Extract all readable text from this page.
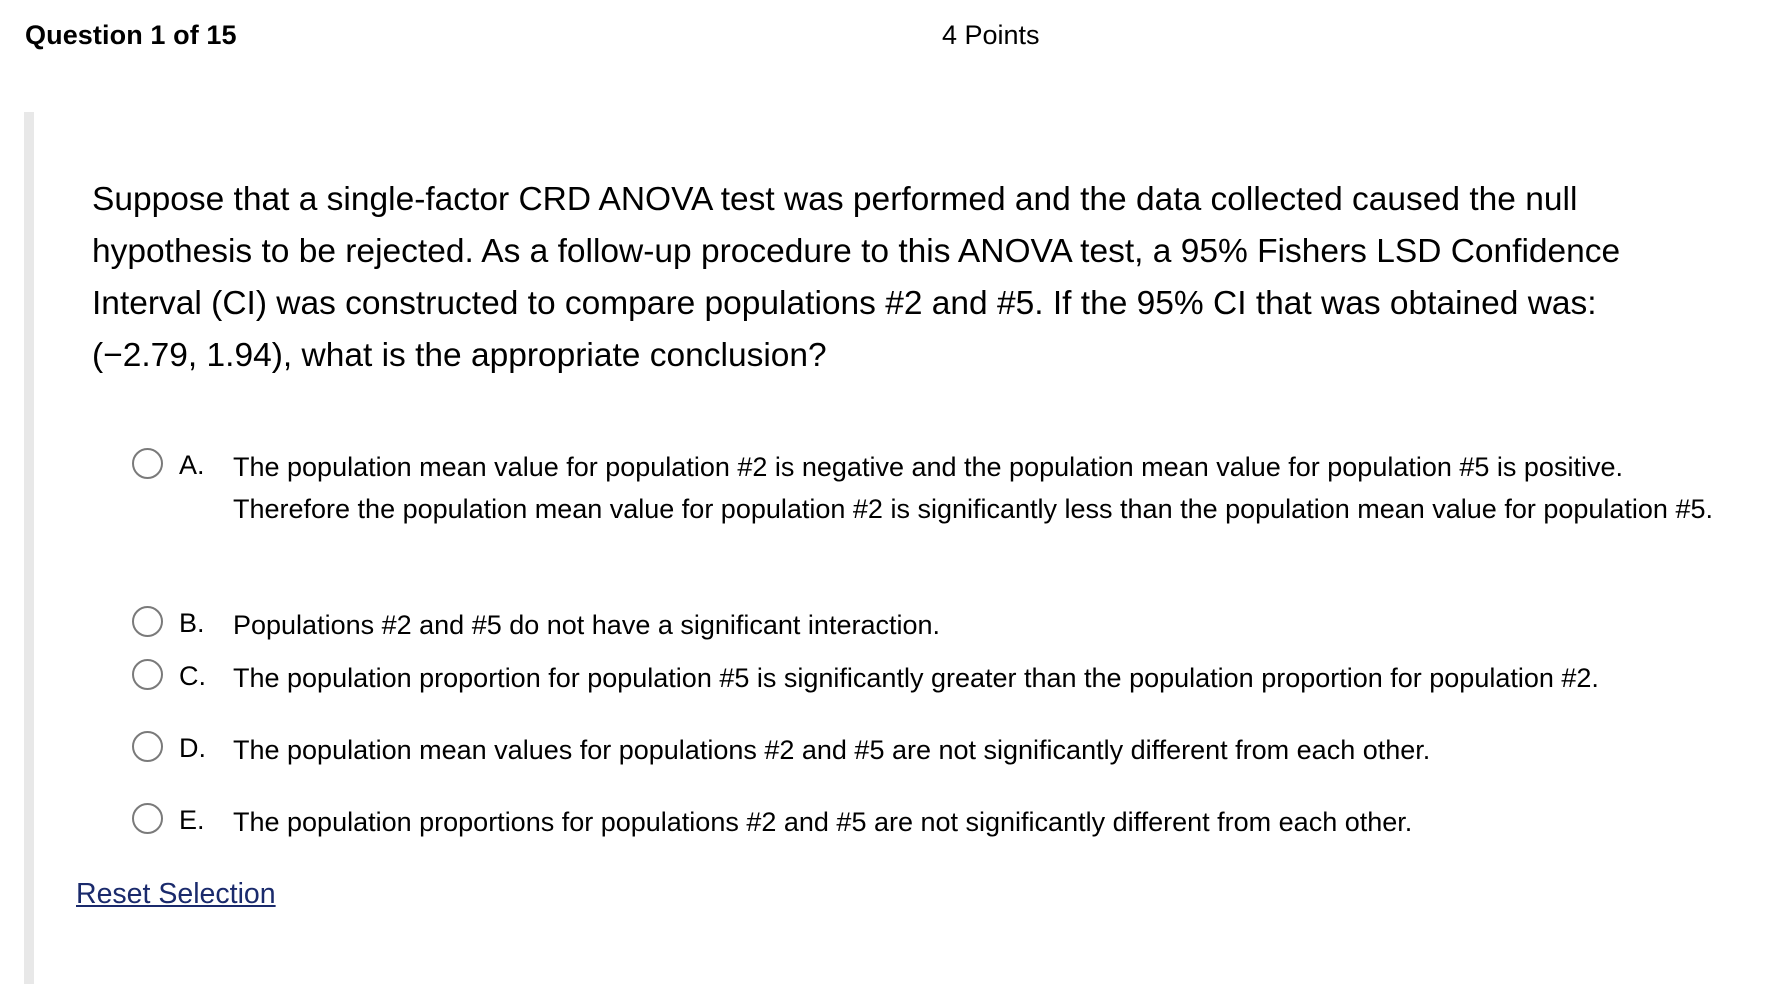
Question 1 of 15	4 Points

Suppose that a single-factor CRD ANOVA test was performed and the data collected caused the null hypothesis to be rejected. As a follow-up procedure to this ANOVA test, a 95% Fishers LSD Confidence Interval (CI) was constructed to compare populations #2 and #5. If the 95% CI that was obtained was: (−2.79, 1.94), what is the appropriate conclusion?

A. The population mean value for population #2 is negative and the population mean value for population #5 is positive. Therefore the population mean value for population #2 is significantly less than the population mean value for population #5.
B. Populations #2 and #5 do not have a significant interaction.
C. The population proportion for population #5 is significantly greater than the population proportion for population #2.
D. The population mean values for populations #2 and #5 are not significantly different from each other.
E. The population proportions for populations #2 and #5 are not significantly different from each other.
Reset Selection
